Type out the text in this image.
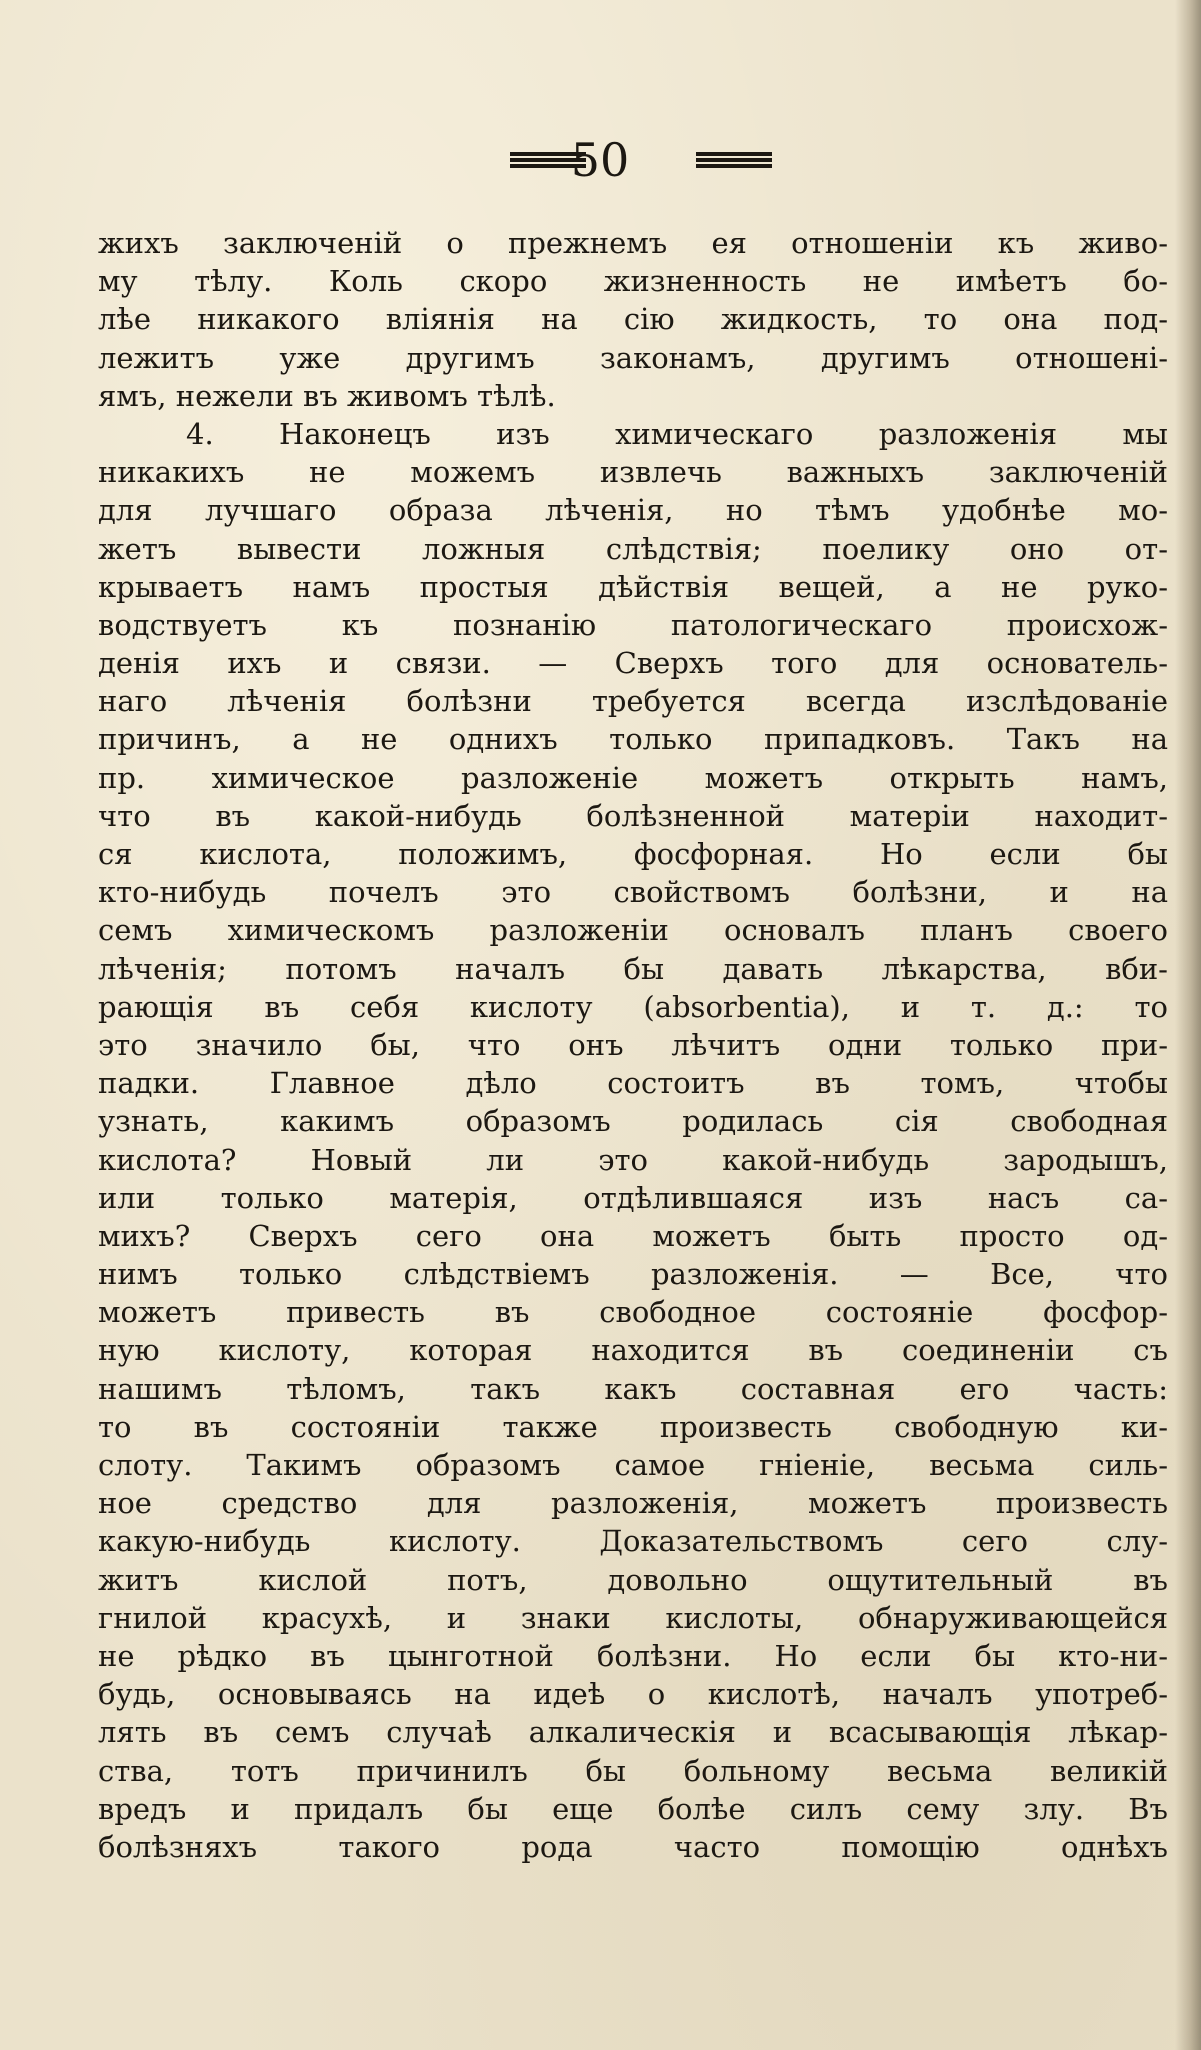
50
жихъ заключеній о прежнемъ ея отношеніи къ живо-
му тѣлу. Коль скоро жизненность не имѣетъ бо-
лѣе никакого вліянія на сію жидкость, то она под-
лежитъ уже другимъ законамъ, другимъ отношені-
ямъ, нежели въ живомъ тѣлѣ.
4. Наконецъ изъ химическаго разложенія мы
никакихъ не можемъ извлечь важныхъ заключеній
для лучшаго образа лѣченія, но тѣмъ удобнѣе мо-
жетъ вывести ложныя слѣдствія; поелику оно от-
крываетъ намъ простыя дѣйствія вещей, а не руко-
водствуетъ къ познанію патологическаго происхож-
денія ихъ и связи. — Сверхъ того для основатель-
наго лѣченія болѣзни требуется всегда изслѣдованіе
причинъ, а не однихъ только припадковъ. Такъ на
пр. химическое разложеніе можетъ открыть намъ,
что въ какой-нибудь болѣзненной матеріи находит-
ся кислота, положимъ, фосфорная. Но если бы
кто-нибудь почелъ это свойствомъ болѣзни, и на
семъ химическомъ разложеніи основалъ планъ своего
лѣченія; потомъ началъ бы давать лѣкарства, вби-
рающія въ себя кислоту (absorbentia), и т. д.: то
это значило бы, что онъ лѣчитъ одни только при-
падки. Главное дѣло состоитъ въ томъ, чтобы
узнать, какимъ образомъ родилась сія свободная
кислота? Новый ли это какой-нибудь зародышъ,
или только матерія, отдѣлившаяся изъ насъ са-
михъ? Сверхъ сего она можетъ быть просто од-
нимъ только слѣдствіемъ разложенія. — Все, что
можетъ привесть въ свободное состояніе фосфор-
ную кислоту, которая находится въ соединеніи съ
нашимъ тѣломъ, такъ какъ составная его часть:
то въ состояніи также произвесть свободную ки-
слоту. Такимъ образомъ самое гніеніе, весьма силь-
ное средство для разложенія, можетъ произвесть
какую-нибудь кислоту. Доказательствомъ сего слу-
житъ кислой потъ, довольно ощутительный въ
гнилой красухѣ, и знаки кислоты, обнаруживающейся
не рѣдко въ цынготной болѣзни. Но если бы кто-ни-
будь, основываясь на идеѣ о кислотѣ, началъ употреб-
лять въ семъ случаѣ алкалическія и всасывающія лѣкар-
ства, тотъ причинилъ бы больному весьма великій
вредъ и придалъ бы еще болѣе силъ сему злу. Въ
болѣзняхъ такого рода часто помощію однѣхъ
